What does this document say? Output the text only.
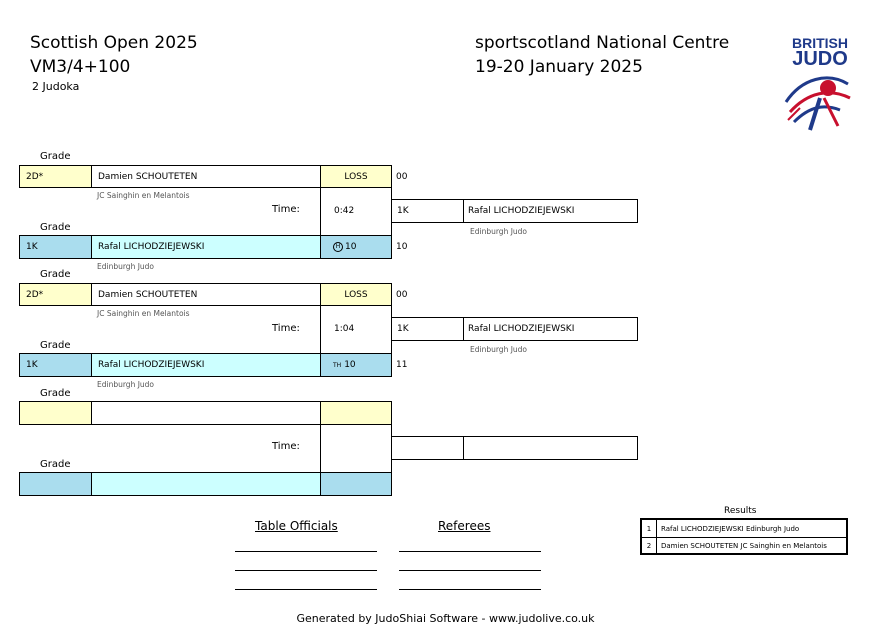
Scottish Open 2025
VM3/4+100
2 Judoka
sportscotland National Centre
19-20 January 2025
BRITISH
JUDO
Grade
2D*	Damien SCHOUTETEN	LOSS	00
JC Sainghin en Melantois
Time:	0:42	1K	Rafal LICHODZIEJEWSKI
Edinburgh Judo
Grade
1K	Rafal LICHODZIEJEWSKI	H 10	10
Edinburgh Judo
Grade
2D*	Damien SCHOUTETEN	LOSS	00
JC Sainghin en Melantois
Time:	1:04	1K	Rafal LICHODZIEJEWSKI
Edinburgh Judo
Grade
1K	Rafal LICHODZIEJEWSKI	TH 10	11
Edinburgh Judo
Grade
Time:
Grade
Table Officials	Referees
Results
1	Rafal LICHODZIEJEWSKI Edinburgh Judo
2	Damien SCHOUTETEN JC Sainghin en Melantois
Generated by JudoShiai Software - www.judolive.co.uk
